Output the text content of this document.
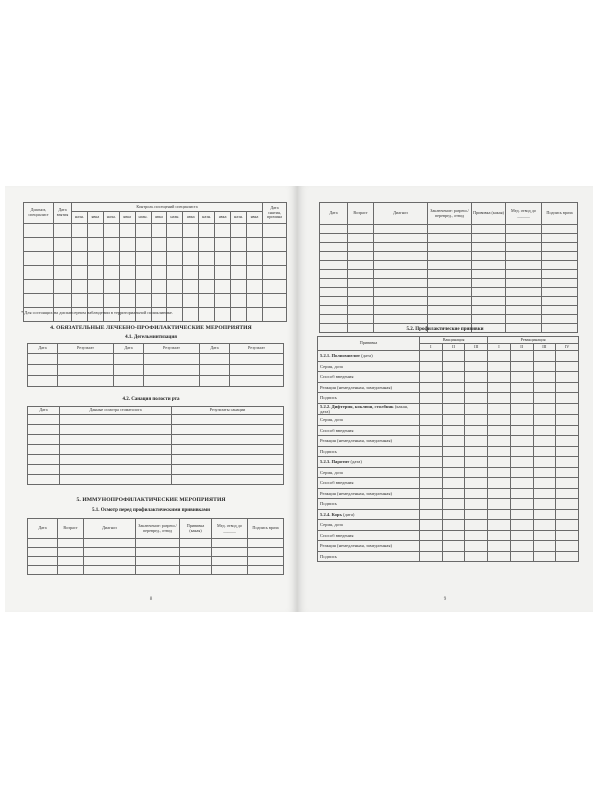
Диагноз, специалист	Дата взятия	Контроль посещений специалиста												Дата снятия, причина
		назн.	явка	назн.	явка	назн.	явка	назн.	явка	назн.	явка	назн.	явка	

* Для состоящих на диспансерном наблюдении в территориальной поликлинике.
4. ОБЯЗАТЕЛЬНЫЕ ЛЕЧЕБНО-ПРОФИЛАКТИЧЕСКИЕ МЕРОПРИЯТИЯ
4.1. Дегельминтизация
Дата	Результат	Дата	Результат	Дата	Результат

4.2. Санация полости рта
Дата	Данные осмотра стоматолога	Результаты санации

5. ИММУНОПРОФИЛАКТИЧЕСКИЕ МЕРОПРИЯТИЯ
5.1. Осмотр перед профилактическими прививками
Дата	Возраст	Диагноз	Заключение: разреш./перевред., отвод	Прививка (какая)	Мед. отвод до ______	Подпись врача

8
Дата	Возраст	Диагноз	Заключение: разреш./перевред., отвод	Прививка (какая)	Мед. отвод до ______	Подпись врача

5.2. Профилактические прививки
Прививка	Вакцинация			Ревакцинация			
	I	II	III	I	II	III	IV
5.2.1. Полиомиелит (дата)							
Серия, доза							
Способ введения							
Реакция (немедленная, замедленная)							
Подпись							
5.2.2. Дифтерия, коклюш, столбняк (какая, дата)							
Серия, доза							
Способ введения							
Реакция (немедленная, замедленная)							
Подпись							
5.2.3. Паротит (дата)							
Серия, доза							
Способ введения							
Реакция (немедленная, замедленная)							
Подпись							
5.2.4. Корь (дата)							
Серия, доза							
Способ введения							
Реакция (немедленная, замедленная)							
Подпись							
9
